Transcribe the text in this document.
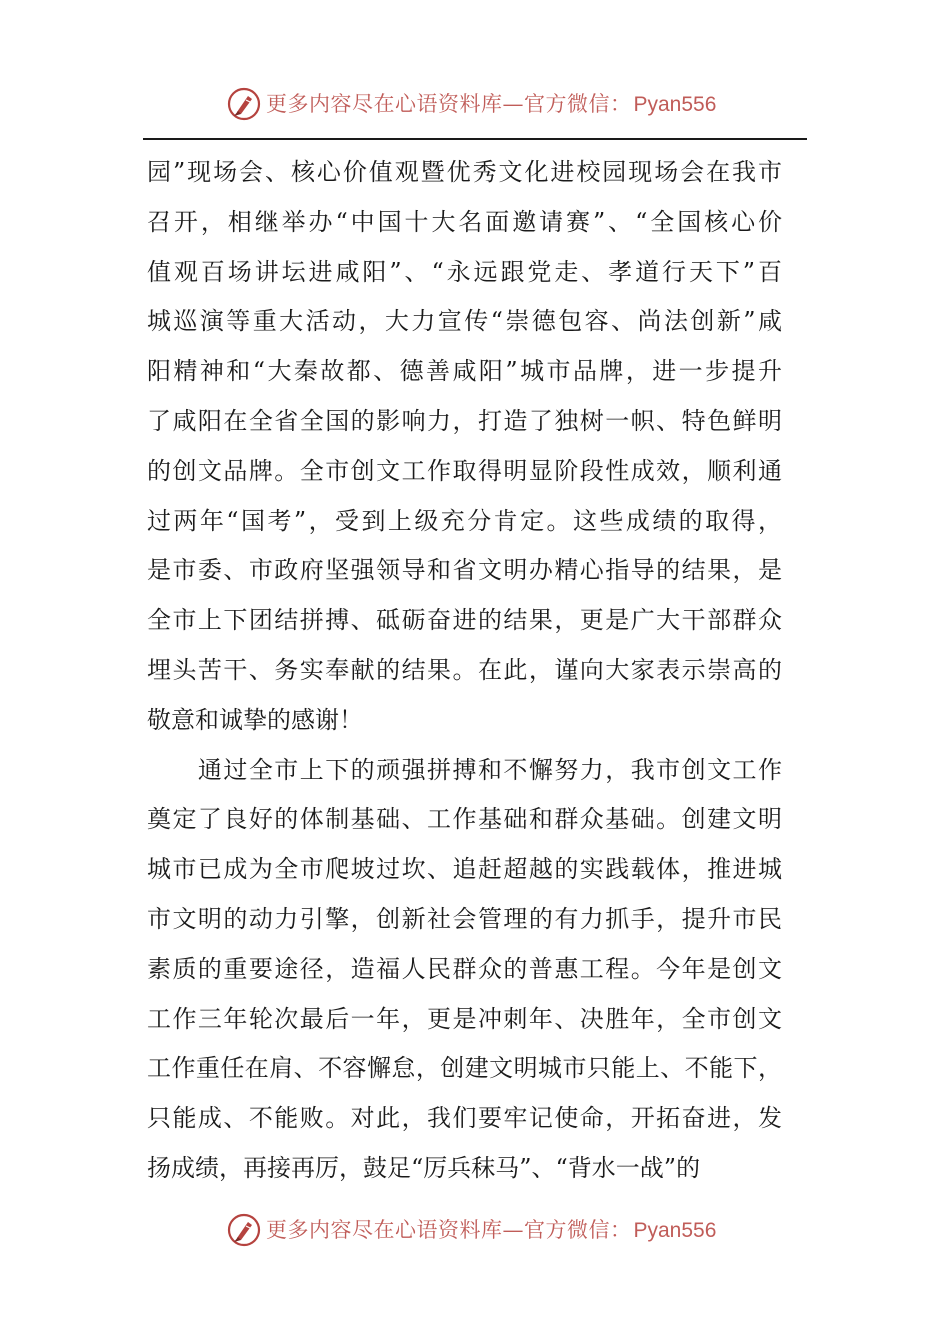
更多内容尽在心语资料库—官方微信： Pyan556
园”现场会、核心价值观暨优秀文化进校园现场会在我市
召开，相继举办“中国十大名面邀请赛”、“全国核心价
值观百场讲坛进咸阳”、“永远跟党走、孝道行天下”百
城巡演等重大活动，大力宣传“崇德包容、尚法创新”咸
阳精神和“大秦故都、德善咸阳”城市品牌，进一步提升
了咸阳在全省全国的影响力，打造了独树一帜、特色鲜明
的创文品牌。全市创文工作取得明显阶段性成效，顺利通
过两年“国考”，受到上级充分肯定。这些成绩的取得，
是市委、市政府坚强领导和省文明办精心指导的结果，是
全市上下团结拼搏、砥砺奋进的结果，更是广大干部群众
埋头苦干、务实奉献的结果。在此，谨向大家表示崇高的
敬意和诚挚的感谢！
　　通过全市上下的顽强拼搏和不懈努力，我市创文工作
奠定了良好的体制基础、工作基础和群众基础。创建文明
城市已成为全市爬坡过坎、追赶超越的实践载体，推进城
市文明的动力引擎，创新社会管理的有力抓手，提升市民
素质的重要途径，造福人民群众的普惠工程。今年是创文
工作三年轮次最后一年，更是冲刺年、决胜年，全市创文
工作重任在肩、不容懈怠，创建文明城市只能上、不能下，
只能成、不能败。对此，我们要牢记使命，开拓奋进，发
扬成绩，再接再厉，鼓足“厉兵秣马”、“背水一战”的
更多内容尽在心语资料库—官方微信： Pyan556
